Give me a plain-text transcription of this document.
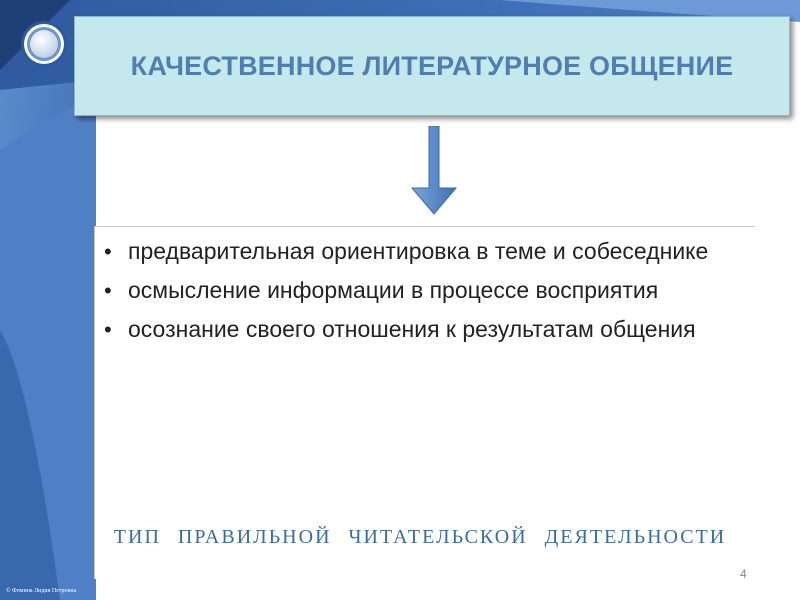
КАЧЕСТВЕННОЕ ЛИТЕРАТУРНОЕ ОБЩЕНИЕ
• предварительная ориентировка в теме и собеседнике
• осмысление информации в процессе восприятия
• осознание своего отношения к результатам общения
ТИП ПРАВИЛЬНОЙ ЧИТАТЕЛЬСКОЙ ДЕЯТЕЛЬНОСТИ
4
© Фомина Лидия Петровна
